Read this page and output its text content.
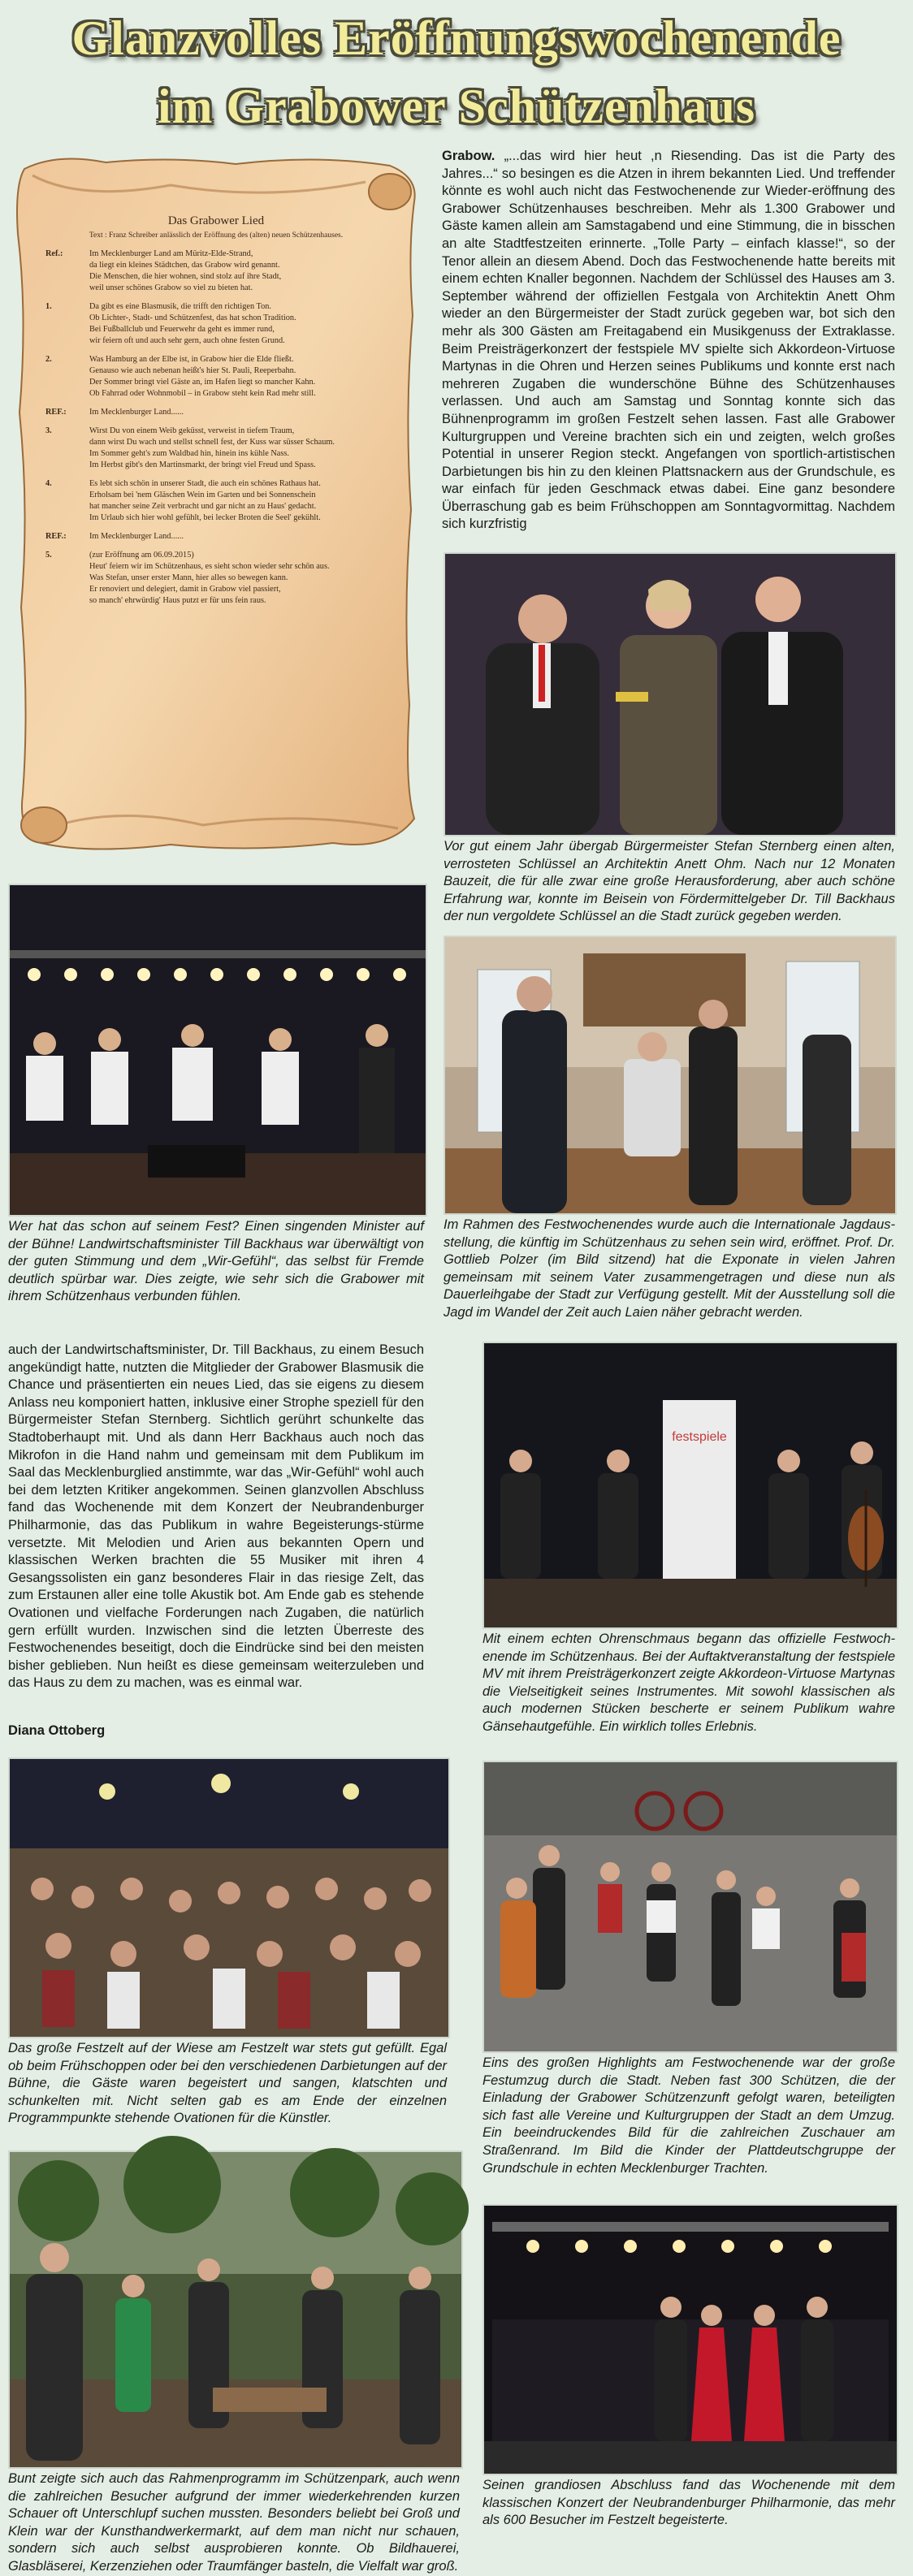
Glanzvolles Eröffnungswochenende
im Grabower Schützenhaus
Das Grabower Lied
Text : Franz Schreiber anlässlich der Eröffnung des (alten) neuen Schützenhauses.
Ref.:	Im Mecklenburger Land am Müritz-Elde-Strand,
da liegt ein kleines Städtchen, das Grabow wird genannt.
Die Menschen, die hier wohnen, sind stolz auf ihre Stadt,
weil unser schönes Grabow so viel zu bieten hat.
1.	Da gibt es eine Blasmusik, die trifft den richtigen Ton.
Ob Lichter-, Stadt- und Schützenfest, das hat schon Tradition.
Bei Fußballclub und Feuerwehr da geht es immer rund,
wir feiern oft und auch sehr gern, auch ohne festen Grund.
2.	Was Hamburg an der Elbe ist, in Grabow hier die Elde fließt.
Genauso wie auch nebenan heißt's hier St. Pauli, Reeperbahn.
Der Sommer bringt viel Gäste an, im Hafen liegt so mancher Kahn.
Ob Fahrrad oder Wohnmobil – in Grabow steht kein Rad mehr still.
REF.:	Im Mecklenburger Land......
3.	Wirst Du von einem Weib geküsst, verweist in tiefem Traum,
dann wirst Du wach und stellst schnell fest, der Kuss war süsser Schaum.
Im Sommer geht's zum Waldbad hin, hinein ins kühle Nass.
Im Herbst gibt's den Martinsmarkt, der bringt viel Freud und Spass.
4.	Es lebt sich schön in unserer Stadt, die auch ein schönes Rathaus hat.
Erholsam bei 'nem Gläschen Wein im Garten und bei Sonnenschein
hat mancher seine Zeit verbracht und gar nicht an zu Haus' gedacht.
Im Urlaub sich hier wohl gefühlt, bei lecker Broten die Seel' gekühlt.
REF.:	Im Mecklenburger Land......
5.	(zur Eröffnung am 06.09.2015)
Heut' feiern wir im Schützenhaus, es sieht schon wieder sehr schön aus.
Was Stefan, unser erster Mann, hier alles so bewegen kann.
Er renoviert und delegiert, damit in Grabow viel passiert,
so manch' ehrwürdig' Haus putzt er für uns fein raus.
Grabow. „...das wird hier heut ,n Riesending. Das ist die Party des Jahres...“ so besingen es die Atzen in ihrem bekannten Lied. Und treffender könnte es wohl auch nicht das Festwochenende zur Wieder-eröffnung des Grabower Schützenhauses beschreiben. Mehr als 1.300 Grabower und Gäste kamen allein am Samstagabend und eine Stimmung, die in bisschen an alte Stadtfestzeiten erinnerte. „Tolle Party – einfach klasse!“, so der Tenor allein an diesem Abend. Doch das Festwochenende hatte bereits mit einem echten Knaller begonnen. Nachdem der Schlüssel des Hauses am 3. September während der offiziellen Festgala von Architektin Anett Ohm wieder an den Bürgermeister der Stadt zurück gegeben war, bot sich den mehr als 300 Gästen am Freitagabend ein Musikgenuss der Extraklasse. Beim Preisträgerkonzert der festspiele MV spielte sich Akkordeon-Virtuose Martynas in die Ohren und Herzen seines Publikums und konnte erst nach mehreren Zugaben die wunderschöne Bühne des Schützenhauses verlassen. Und auch am Samstag und Sonntag konnte sich das Bühnenprogramm im großen Festzelt sehen lassen. Fast alle Grabower Kulturgruppen und Vereine brachten sich ein und zeigten, welch großes Potential in unserer Region steckt. Angefangen von sportlich-artistischen Darbietungen bis hin zu den kleinen Plattsnackern aus der Grundschule, es war einfach für jeden Geschmack etwas dabei. Eine ganz besondere Überraschung gab es beim Frühschoppen am Sonntagvormittag. Nachdem sich kurzfristig
Vor gut einem Jahr übergab Bürgermeister Stefan Sternberg einen alten, verrosteten Schlüssel an Architektin Anett Ohm. Nach nur 12 Monaten Bauzeit, die für alle zwar eine große Herausforderung, aber auch schöne Erfahrung war, konnte im Beisein von Fördermittelgeber Dr. Till Backhaus der nun vergoldete Schlüssel an die Stadt zurück gegeben werden.
Wer hat das schon auf seinem Fest? Einen singenden Minister auf der Bühne! Landwirtschaftsminister Till Backhaus war überwältigt von der guten Stimmung und dem „Wir-Gefühl“, das selbst für Fremde deutlich spürbar war. Dies zeigte, wie sehr sich die Grabower mit ihrem Schützenhaus verbunden fühlen.
Im Rahmen des Festwochenendes wurde auch die Internationale Jagdaus-stellung, die künftig im Schützenhaus zu sehen sein wird, eröffnet. Prof. Dr. Gottlieb Polzer (im Bild sitzend) hat die Exponate in vielen Jahren gemeinsam mit seinem Vater zusammengetragen und diese nun als Dauerleihgabe der Stadt zur Verfügung gestellt. Mit der Ausstellung soll die Jagd im Wandel der Zeit auch Laien näher gebracht werden.
auch der Landwirtschaftsminister, Dr. Till Backhaus, zu einem Besuch angekündigt hatte, nutzten die Mitglieder der Grabower Blasmusik die Chance und präsentierten ein neues Lied, das sie eigens zu diesem Anlass neu komponiert hatten, inklusive einer Strophe speziell für den Bürgermeister Stefan Sternberg. Sichtlich gerührt schunkelte das Stadtoberhaupt mit. Und als dann Herr Backhaus auch noch das Mikrofon in die Hand nahm und gemeinsam mit dem Publikum im Saal das Mecklenburglied anstimmte, war das „Wir-Gefühl“ wohl auch bei dem letzten Kritiker angekommen. Seinen glanzvollen Abschluss fand das Wochenende mit dem Konzert der Neubrandenburger Philharmonie, das das Publikum in wahre Begeisterungs-stürme versetzte. Mit Melodien und Arien aus bekannten Opern und klassischen Werken brachten die 55 Musiker mit ihren 4 Gesangssolisten ein ganz besonderes Flair in das riesige Zelt, das zum Erstaunen aller eine tolle Akustik bot. Am Ende gab es stehende Ovationen und vielfache Forderungen nach Zugaben, die natürlich gern erfüllt wurden. Inzwischen sind die letzten Überreste des Festwochenendes beseitigt, doch die Eindrücke sind bei den meisten bisher geblieben. Nun heißt es diese gemeinsam weiterzuleben und das Haus zu dem zu machen, was es einmal war.
Diana Ottoberg
festspiele
Mit einem echten Ohrenschmaus begann das offizielle Festwoch-enende im Schützenhaus. Bei der Auftaktveranstaltung der festspiele MV mit ihrem Preisträgerkonzert zeigte Akkordeon-Virtuose Martynas die Vielseitigkeit seines Instrumentes. Mit sowohl klassischen als auch modernen Stücken bescherte er seinem Publikum wahre Gänsehautgefühle. Ein wirklich tolles Erlebnis.
Das große Festzelt auf der Wiese am Festzelt war stets gut gefüllt. Egal ob beim Frühschoppen oder bei den verschiedenen Darbietungen auf der Bühne, die Gäste waren begeistert und sangen, klatschten und schunkelten mit. Nicht selten gab es am Ende der einzelnen Programmpunkte stehende Ovationen für die Künstler.
Eins des großen Highlights am Festwochenende war der große Festumzug durch die Stadt. Neben fast 300 Schützen, die der Einladung der Grabower Schützenzunft gefolgt waren, beteiligten sich fast alle Vereine und Kulturgruppen der Stadt an dem Umzug. Ein beeindruckendes Bild für die zahlreichen Zuschauer am Straßenrand. Im Bild die Kinder der Plattdeutschgruppe der Grundschule in echten Mecklenburger Trachten.
Bunt zeigte sich auch das Rahmenprogramm im Schützenpark, auch wenn die zahlreichen Besucher aufgrund der immer wiederkehrenden kurzen Schauer oft Unterschlupf suchen mussten. Besonders beliebt bei Groß und Klein war der Kunsthandwerkermarkt, auf dem man nicht nur schauen, sondern sich auch selbst ausprobieren konnte. Ob Bildhauerei, Glasbläserei, Kerzenziehen oder Traumfänger basteln, die Vielfalt war groß.
Seinen grandiosen Abschluss fand das Wochenende mit dem klassischen Konzert der Neubrandenburger Philharmonie, das mehr als 600 Besucher im Festzelt begeisterte.
